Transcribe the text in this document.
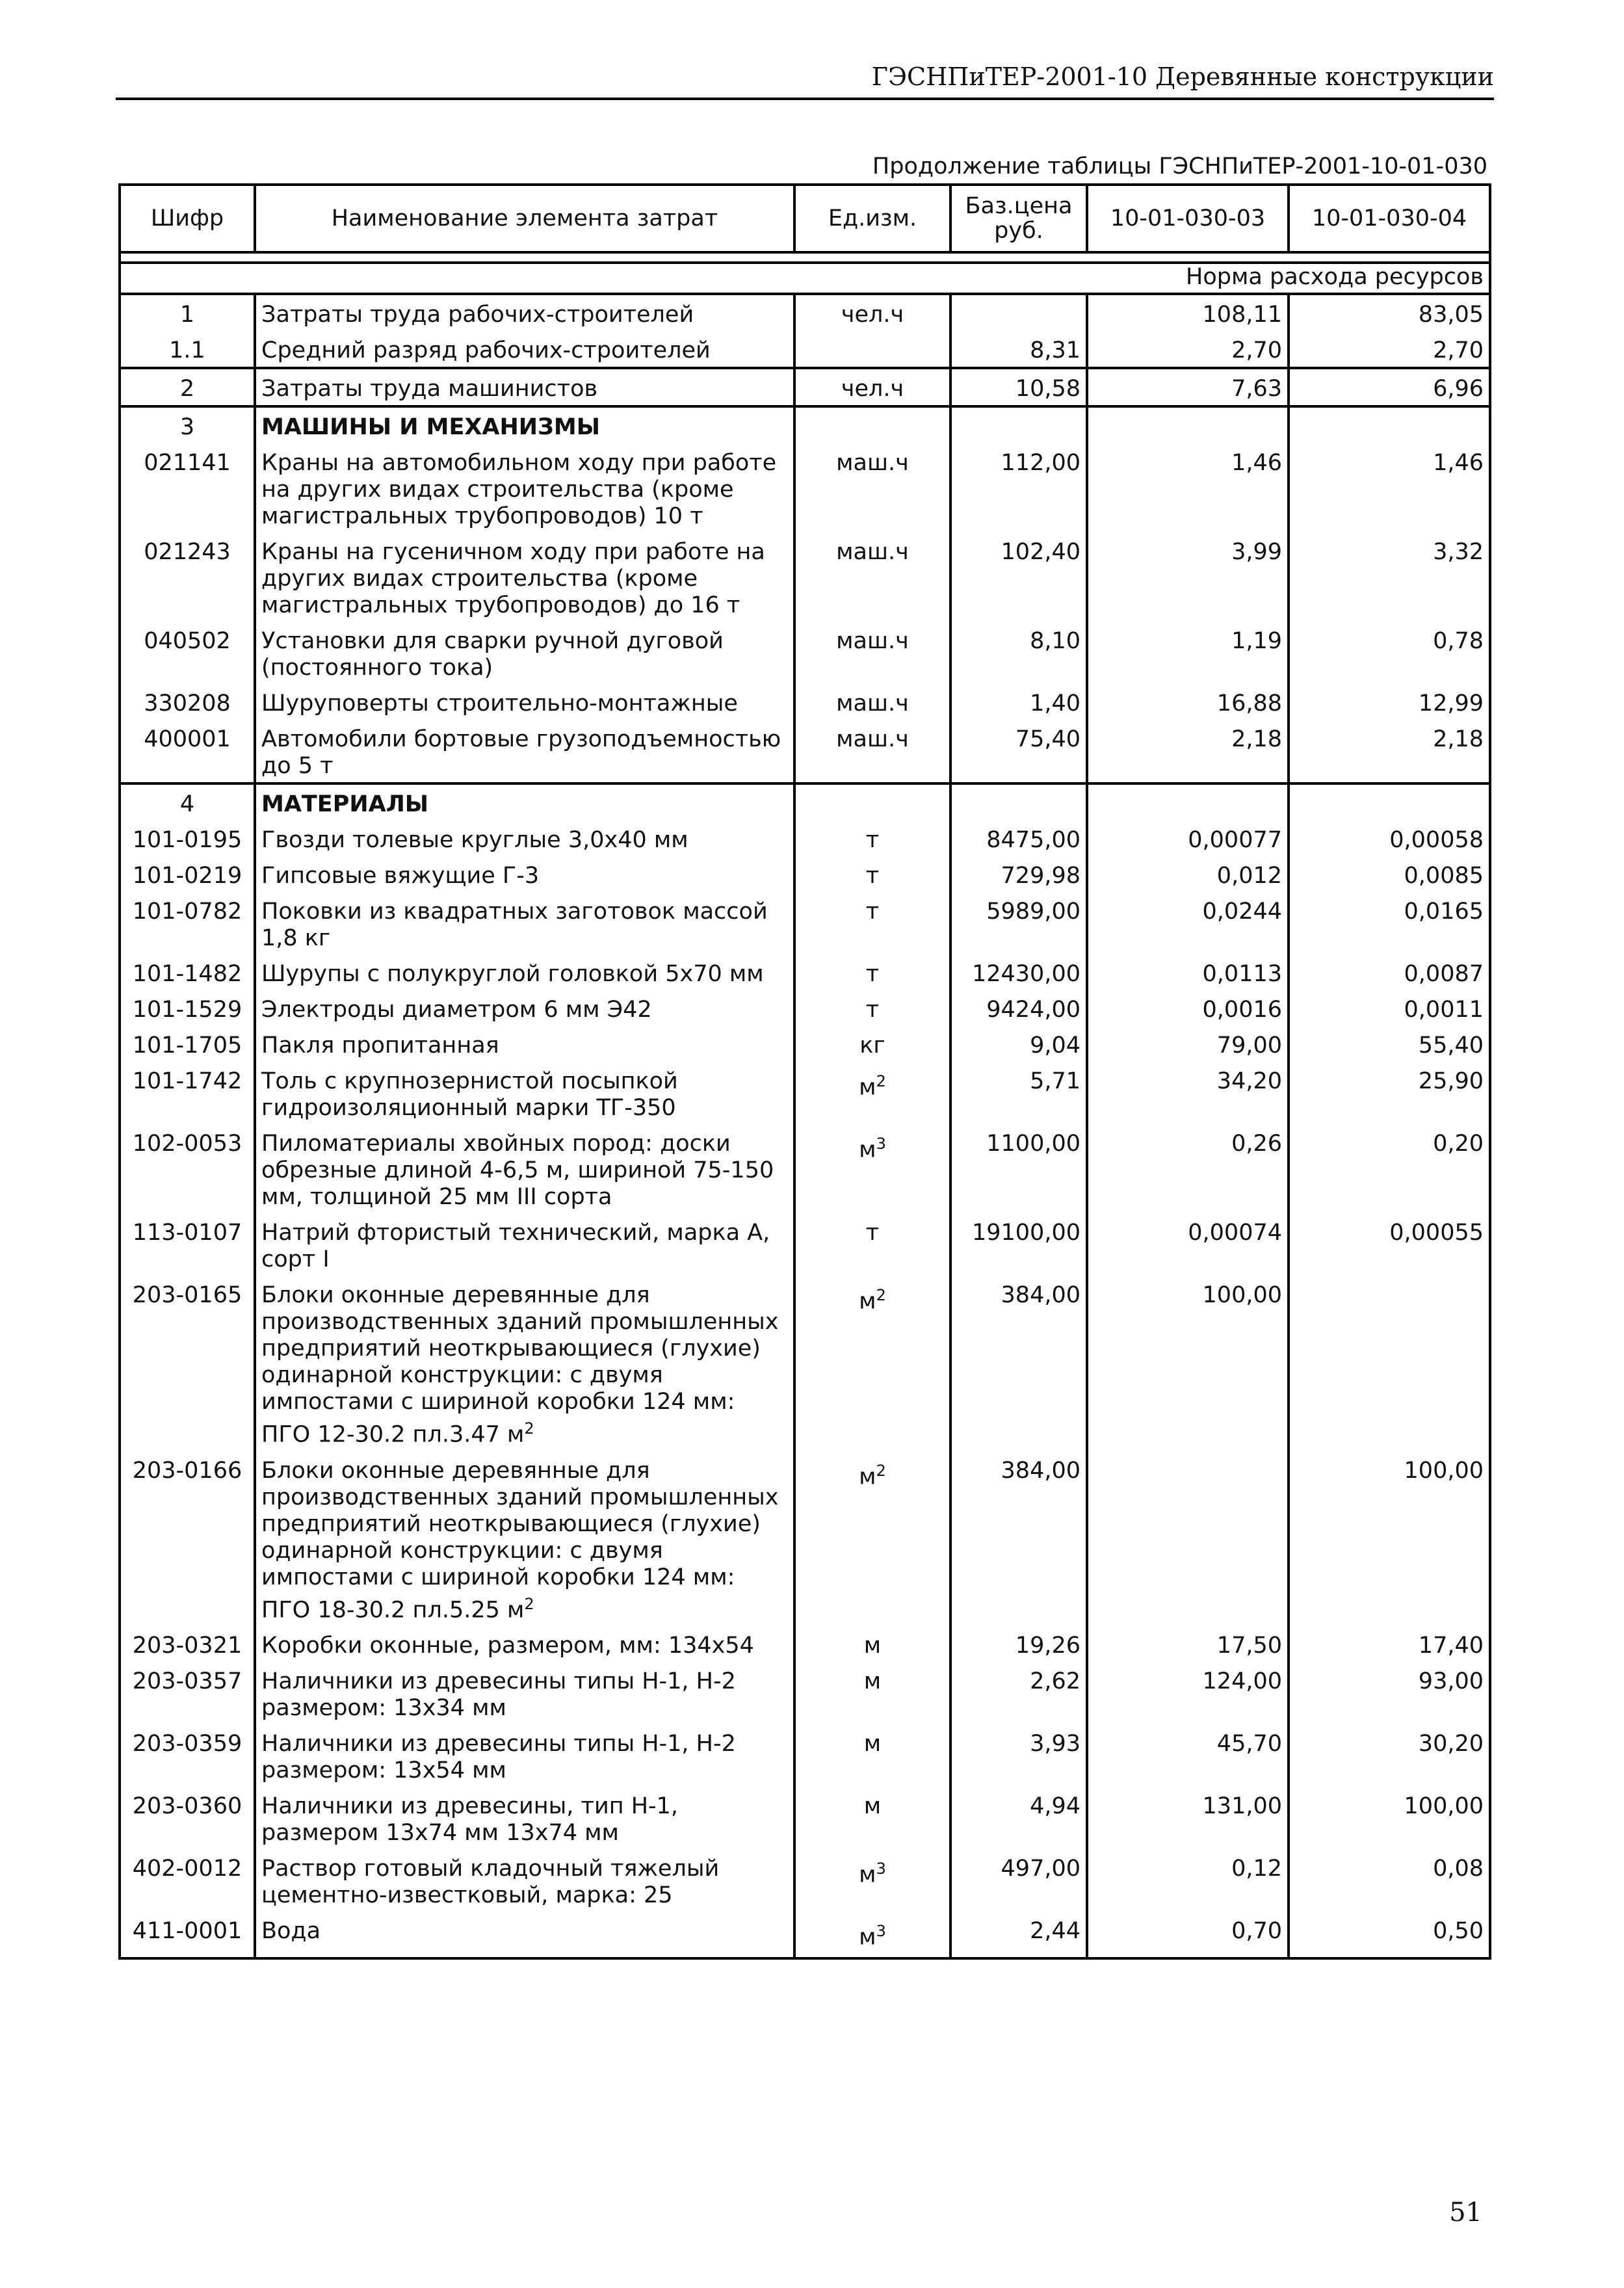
ГЭСНПиТЕР-2001-10 Деревянные конструкции
Продолжение таблицы ГЭСНПиТЕР-2001-10-01-030
Шифр	Наименование элемента затрат	Ед.изм.	Баз.цена руб.	10-01-030-03	10-01-030-04

Норма расхода ресурсов					
1	Затраты труда рабочих-строителей	чел.ч		108,11	83,05
1.1	Средний разряд рабочих-строителей		8,31	2,70	2,70
2	Затраты труда машинистов	чел.ч	10,58	7,63	6,96
3	МАШИНЫ И МЕХАНИЗМЫ				
021141	Краны на автомобильном ходу при работе на других видах строительства (кроме магистральных трубопроводов) 10 т	маш.ч	112,00	1,46	1,46
021243	Краны на гусеничном ходу при работе на других видах строительства (кроме магистральных трубопроводов) до 16 т	маш.ч	102,40	3,99	3,32
040502	Установки для сварки ручной дуговой (постоянного тока)	маш.ч	8,10	1,19	0,78
330208	Шуруповерты строительно-монтажные	маш.ч	1,40	16,88	12,99
400001	Автомобили бортовые грузоподъемностью до 5 т	маш.ч	75,40	2,18	2,18
4	МАТЕРИАЛЫ				
101-0195	Гвозди толевые круглые 3,0х40 мм	т	8475,00	0,00077	0,00058
101-0219	Гипсовые вяжущие Г-3	т	729,98	0,012	0,0085
101-0782	Поковки из квадратных заготовок массой 1,8 кг	т	5989,00	0,0244	0,0165
101-1482	Шурупы с полукруглой головкой 5х70 мм	т	12430,00	0,0113	0,0087
101-1529	Электроды диаметром 6 мм Э42	т	9424,00	0,0016	0,0011
101-1705	Пакля пропитанная	кг	9,04	79,00	55,40
101-1742	Толь с крупнозернистой посыпкой гидроизоляционный марки ТГ-350	$м^2$	5,71	34,20	25,90
102-0053	Пиломатериалы хвойных пород: доски обрезные длиной 4-6,5 м, шириной 75-150 мм, толщиной 25 мм III сорта	$м^3$	1100,00	0,26	0,20
113-0107	Натрий фтористый технический, марка А, сорт I	т	19100,00	0,00074	0,00055
203-0165	Блоки оконные деревянные для производственных зданий промышленных предприятий неоткрывающиеся (глухие) одинарной конструкции: с двумя импостами с шириной коробки 124 мм: ПГО 12-30.2 пл.3.47 $м^2$	$м^2$	384,00	100,00	
203-0166	Блоки оконные деревянные для производственных зданий промышленных предприятий неоткрывающиеся (глухие) одинарной конструкции: с двумя импостами с шириной коробки 124 мм: ПГО 18-30.2 пл.5.25 $м^2$	$м^2$	384,00		100,00
203-0321	Коробки оконные, размером, мм: 134х54	м	19,26	17,50	17,40
203-0357	Наличники из древесины типы Н-1, Н-2 размером: 13х34 мм	м	2,62	124,00	93,00
203-0359	Наличники из древесины типы Н-1, Н-2 размером: 13х54 мм	м	3,93	45,70	30,20
203-0360	Наличники из древесины, тип Н-1, размером 13х74 мм 13х74 мм	м	4,94	131,00	100,00
402-0012	Раствор готовый кладочный тяжелый цементно-известковый, марка: 25	$м^3$	497,00	0,12	0,08
411-0001	Вода	$м^3$	2,44	0,70	0,50
51
